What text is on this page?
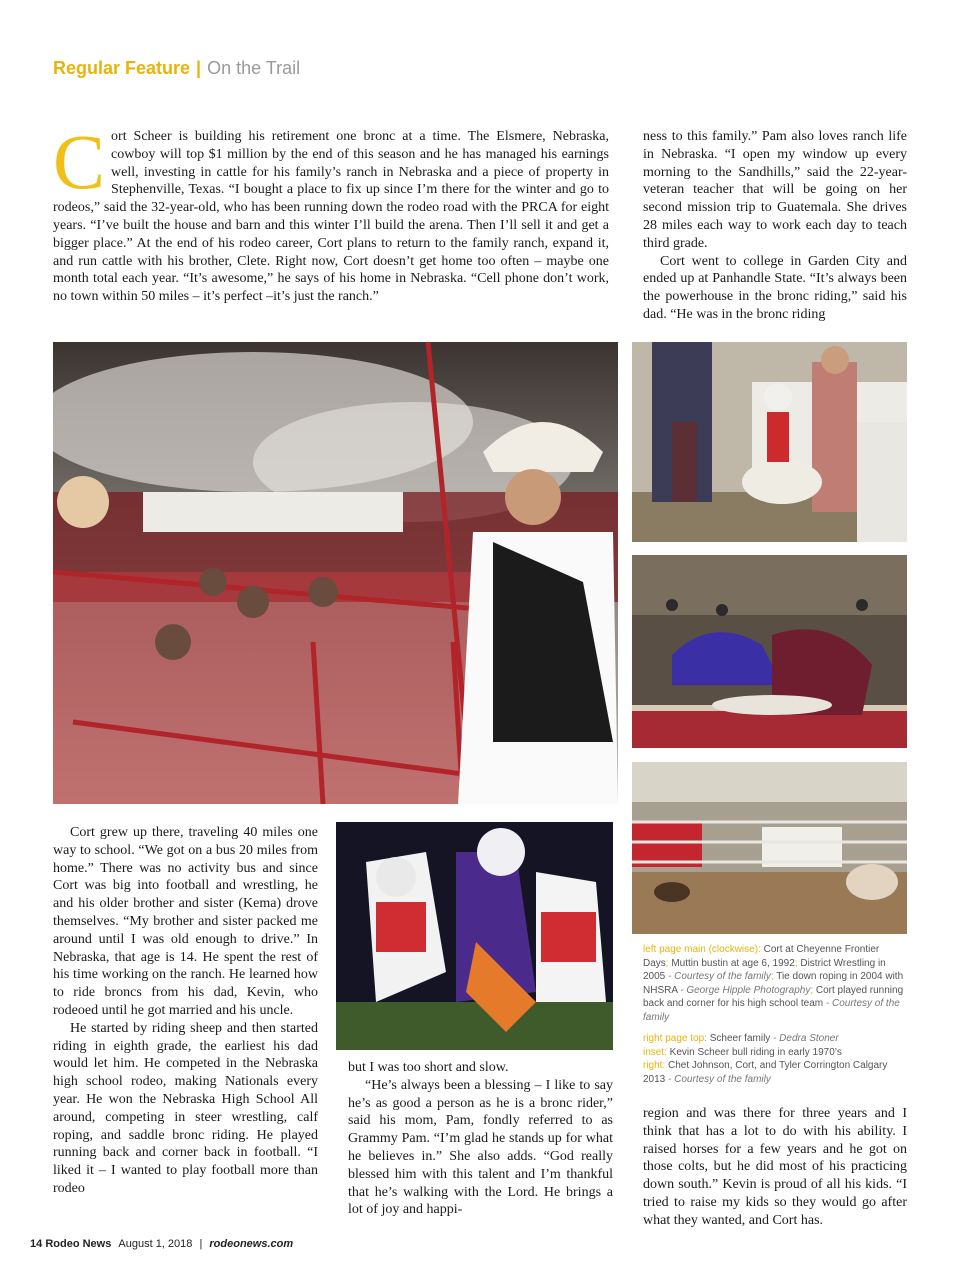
Regular Feature | On the Trail

Cort Scheer is building his retirement one bronc at a time. The Elsmere, Nebraska, cowboy will top $1 million by the end of this season and he has managed his earnings well, investing in cattle for his family’s ranch in Nebraska and a piece of property in Stephenville, Texas. “I bought a place to fix up since I’m there for the winter and go to rodeos,” said the 32-year-old, who has been running down the rodeo road with the PRCA for eight years. “I’ve built the house and barn and this winter I’ll build the arena. Then I’ll sell it and get a bigger place.” At the end of his rodeo career, Cort plans to return to the family ranch, expand it, and run cattle with his brother, Clete. Right now, Cort doesn’t get home too often – maybe one month total each year. “It’s awesome,” he says of his home in Nebraska. “Cell phone don’t work, no town within 50 miles – it’s perfect –it’s just the ranch.”

ness to this family.” Pam also loves ranch life in Nebraska. “I open my window up every morning to the Sandhills,” said the 22-year-veteran teacher that will be going on her second mission trip to Guatemala. She drives 28 miles each way to work each day to teach third grade.

Cort went to college in Garden City and ended up at Panhandle State. “It’s always been the powerhouse in the bronc riding,” said his dad. “He was in the bronc riding

left page main (clockwise): Cort at Cheyenne Frontier Days; Muttin bustin at age 6, 1992; District Wrestling in 2005 - Courtesy of the family; Tie down roping in 2004 with NHSRA - George Hipple Photography; Cort played running back and corner for his high school team - Courtesy of the family
right page top: Scheer family - Dedra Stoner
inset: Kevin Scheer bull riding in early 1970’s
right: Chet Johnson, Cort, and Tyler Corrington Calgary 2013 - Courtesy of the family

Cort grew up there, traveling 40 miles one way to school. “We got on a bus 20 miles from home.” There was no activity bus and since Cort was big into football and wrestling, he and his older brother and sister (Kema) drove themselves. “My brother and sister packed me around until I was old enough to drive.” In Nebraska, that age is 14. He spent the rest of his time working on the ranch. He learned how to ride broncs from his dad, Kevin, who rodeoed until he got married and his uncle.

He started by riding sheep and then started riding in eighth grade, the earliest his dad would let him. He competed in the Nebraska high school rodeo, making Nationals every year. He won the Nebraska High School All around, competing in steer wrestling, calf roping, and saddle bronc riding. He played running back and corner back in football. “I liked it – I wanted to play football more than rodeo

but I was too short and slow.

“He’s always been a blessing – I like to say he’s as good a person as he is a bronc rider,” said his mom, Pam, fondly referred to as Grammy Pam. “I’m glad he stands up for what he believes in.” She also adds. “God really blessed him with this talent and I’m thankful that he’s walking with the Lord. He brings a lot of joy and happi-

region and was there for three years and I think that has a lot to do with his ability. I raised horses for a few years and he got on those colts, but he did most of his practicing down south.” Kevin is proud of all his kids. “I tried to raise my kids so they would go after what they wanted, and Cort has.

14 Rodeo News August 1, 2018 | rodeonews.com
